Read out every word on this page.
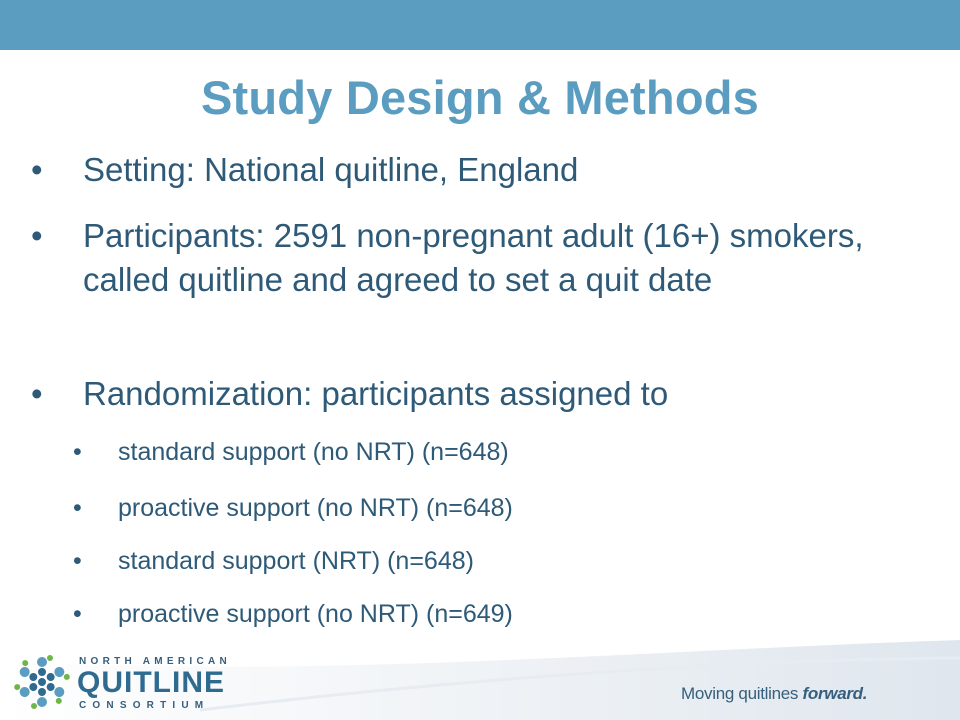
Study Design & Methods
• Setting: National quitline, England
• Participants: 2591 non-pregnant adult (16+) smokers, called quitline and agreed to set a quit date
• Randomization: participants assigned to
• standard support (no NRT) (n=648)
• proactive support (no NRT) (n=648)
• standard support (NRT) (n=648)
• proactive support (no NRT) (n=649)
NORTH AMERICAN
QUITLINE
CONSORTIUM
Moving quitlines forward.
